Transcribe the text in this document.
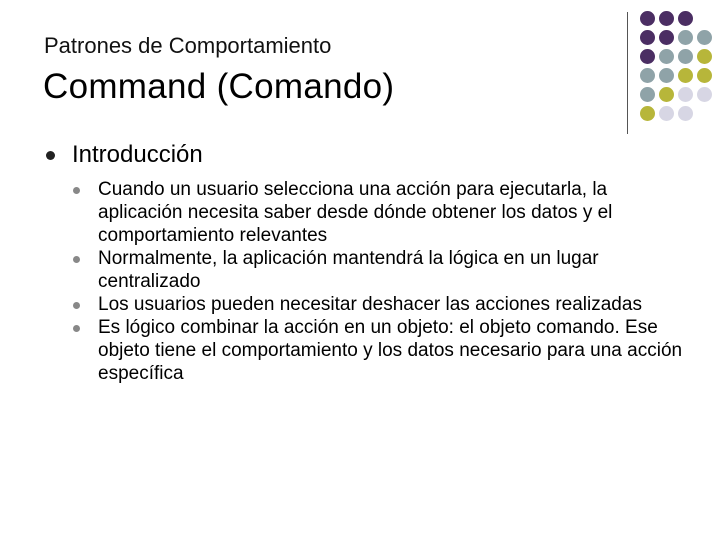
Patrones de Comportamiento
Command (Comando)
Introducción
Cuando un usuario selecciona una acción para ejecutarla, la aplicación necesita saber desde dónde obtener los datos y el comportamiento relevantes
Normalmente, la aplicación mantendrá la lógica en un lugar centralizado
Los usuarios pueden necesitar deshacer las acciones realizadas
Es lógico combinar la acción en un objeto: el objeto comando. Ese objeto tiene el comportamiento y los datos necesario para una acción específica
